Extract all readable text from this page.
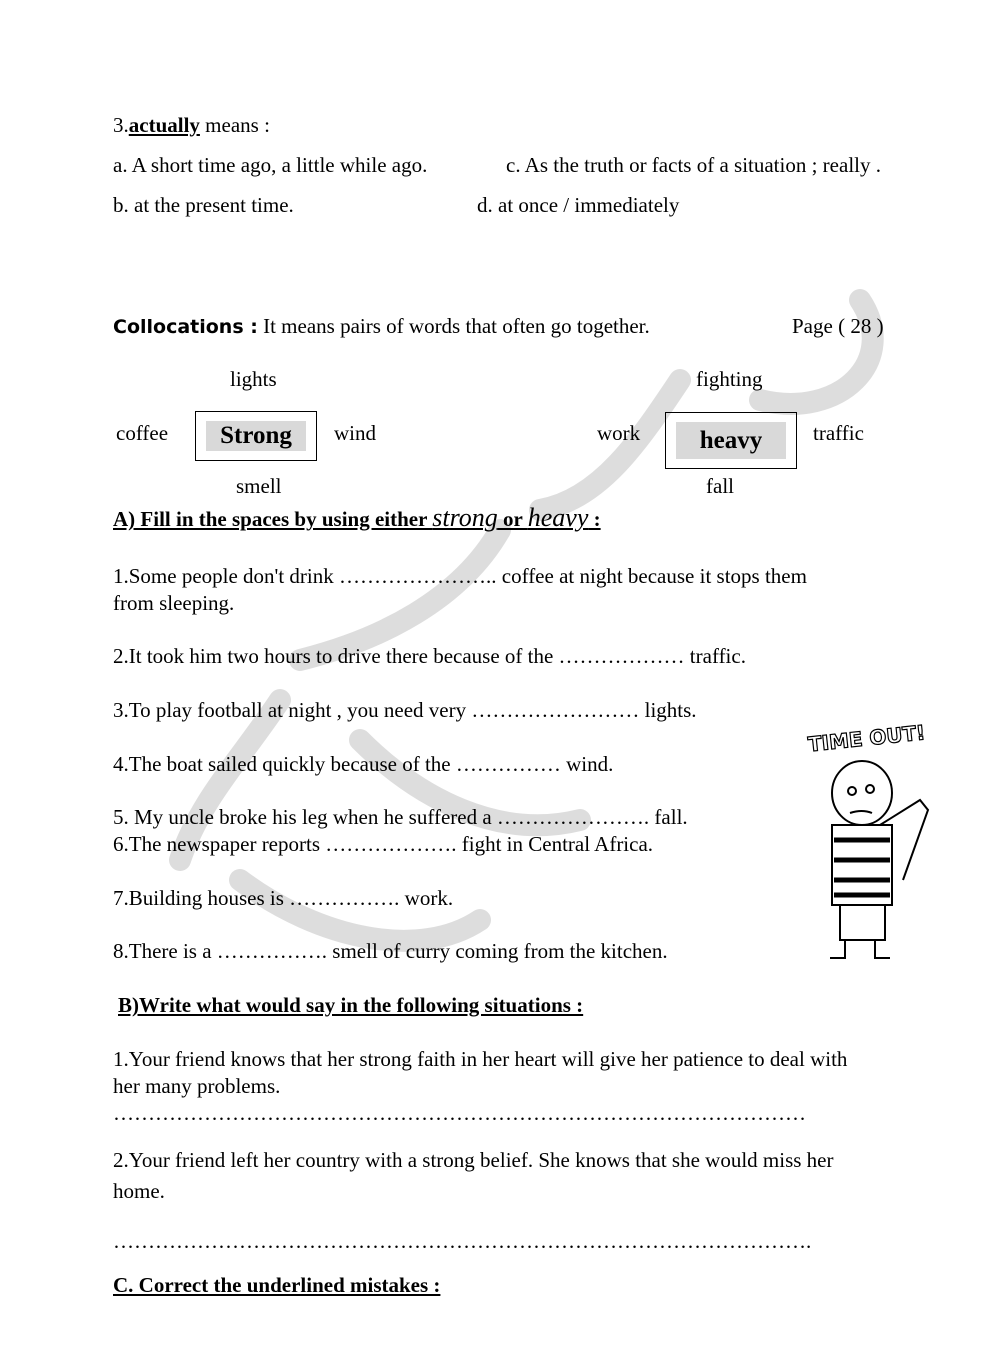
3.actually means :
a. A short time ago, a little while ago.	c. As the truth or facts of a situation ; really .
b. at the present time.	d. at once / immediately
Collocations : It means pairs of words that often go together.	Page ( 28 )
lights
coffee	Strong	wind
smell
fighting
work	heavy	traffic
fall
A) Fill in the spaces by using either strong or heavy :
1.Some people don't drink ………………….. coffee at night because it stops them
from sleeping.
2.It took him two hours to drive there because of the ……………… traffic.
3.To play football at night , you need very …………………… lights.
4.The boat sailed quickly because of the …………… wind.
5. My uncle broke his leg when he suffered a …………………. fall.
6.The newspaper reports ………………. fight in Central Africa.
7.Building houses is ……………. work.
8.There is a ……………. smell of curry coming from the kitchen.
TIME OUT!
B)Write what would say in the following situations :
1.Your friend knows that her strong faith in her heart will give her patience to deal with
her many problems.
………………………………………………………………………………………
2.Your friend left her country with a strong belief. She knows that she would miss her
home.
……………………………………………………………………………………….
C. Correct the underlined mistakes :
